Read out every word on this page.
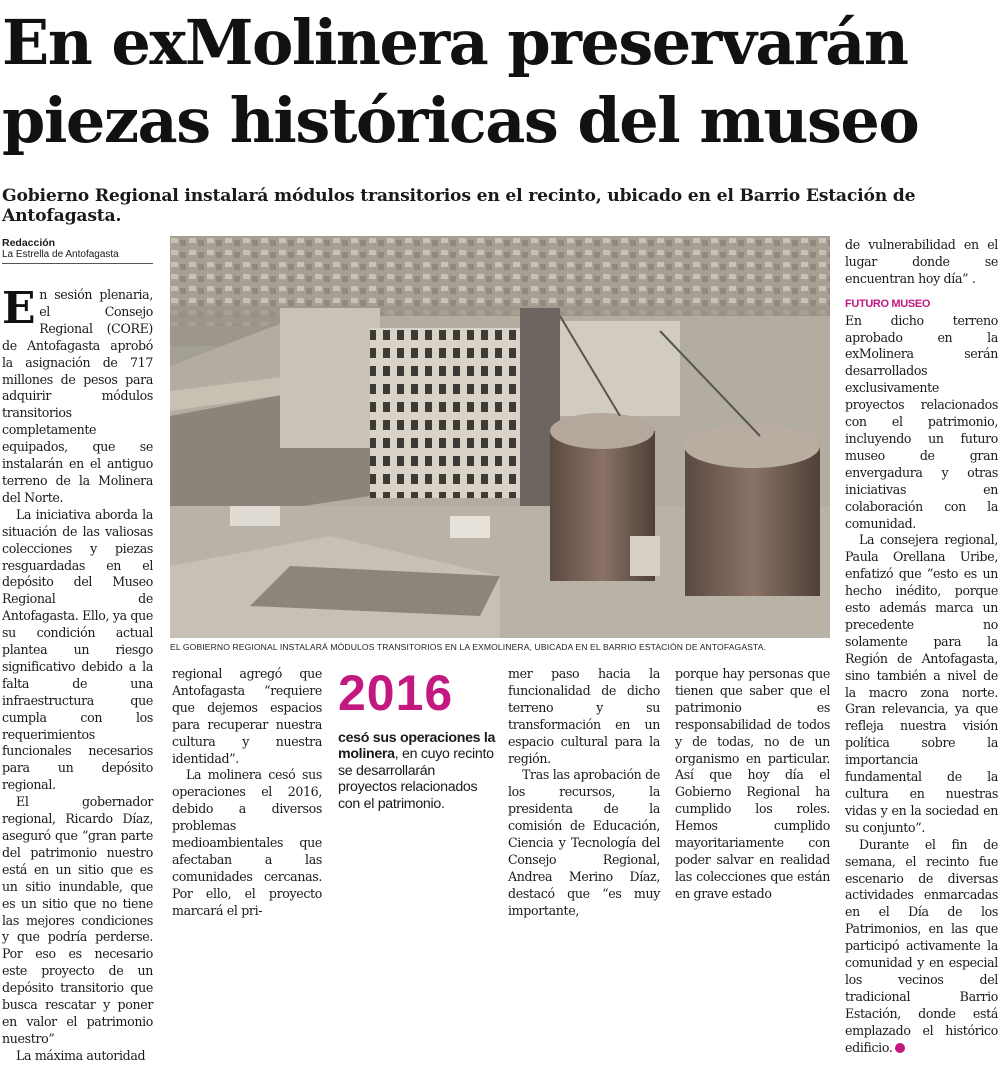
En exMolinera preservarán
piezas históricas del museo
Gobierno Regional instalará módulos transitorios en el recinto, ubicado en el Barrio Estación de Antofagasta.
Redacción
La Estrella de Antofagasta

En sesión plenaria, el Consejo Regional (CORE) de Antofagasta aprobó la asignación de 717 millones de pesos para adquirir módulos transitorios completamente equipados, que se instalarán en el antiguo terreno de la Molinera del Norte.

La iniciativa aborda la situación de las valiosas colecciones y piezas resguardadas en el depósito del Museo Regional de Antofagasta. Ello, ya que su condición actual plantea un riesgo significativo debido a la falta de una infraestructura que cumpla con los requerimientos funcionales necesarios para un depósito regional.

El gobernador regional, Ricardo Díaz, aseguró que “gran parte del patrimonio nuestro está en un sitio que es un sitio inundable, que es un sitio que no tiene las mejores condiciones y que podría perderse. Por eso es necesario este proyecto de un depósito transitorio que busca rescatar y poner en valor el patrimonio nuestro”

La máxima autoridad

EL GOBIERNO REGIONAL INSTALARÁ MÓDULOS TRANSITORIOS EN LA EXMOLINERA, UBICADA EN EL BARRIO ESTACIÓN DE ANTOFAGASTA.

regional agregó que Antofagasta “requiere que dejemos espacios para recuperar nuestra cultura y nuestra identidad”.

La molinera cesó sus operaciones el 2016, debido a diversos problemas medioambientales que afectaban a las comunidades cercanas. Por ello, el proyecto marcará el pri-

2016
cesó sus operaciones la molinera, en cuyo recinto se desarrollarán proyectos relacionados con el patrimonio.

mer paso hacia la funcionalidad de dicho terreno y su transformación en un espacio cultural para la región.

Tras las aprobación de los recursos, la presidenta de la comisión de Educación, Ciencia y Tecnología del Consejo Regional, Andrea Merino Díaz, destacó que “es muy importante,

porque hay personas que tienen que saber que el patrimonio es responsabilidad de todos y de todas, no de un organismo en particular. Así que hoy día el Gobierno Regional ha cumplido los roles. Hemos cumplido mayoritariamente con poder salvar en realidad las colecciones que están en grave estado

de vulnerabilidad en el lugar donde se encuentran hoy día” .

FUTURO MUSEO

En dicho terreno aprobado en la exMolinera serán desarrollados exclusivamente proyectos relacionados con el patrimonio, incluyendo un futuro museo de gran envergadura y otras iniciativas en colaboración con la comunidad.

La consejera regional, Paula Orellana Uribe, enfatizó que “esto es un hecho inédito, porque esto además marca un precedente no solamente para la Región de Antofagasta, sino también a nivel de la macro zona norte. Gran relevancia, ya que refleja nuestra visión política sobre la importancia fundamental de la cultura en nuestras vidas y en la sociedad en su conjunto”.

Durante el fin de semana, el recinto fue escenario de diversas actividades enmarcadas en el Día de los Patrimonios, en las que participó activamente la comunidad y en especial los vecinos del tradicional Barrio Estación, donde está emplazado el histórico edificio.
